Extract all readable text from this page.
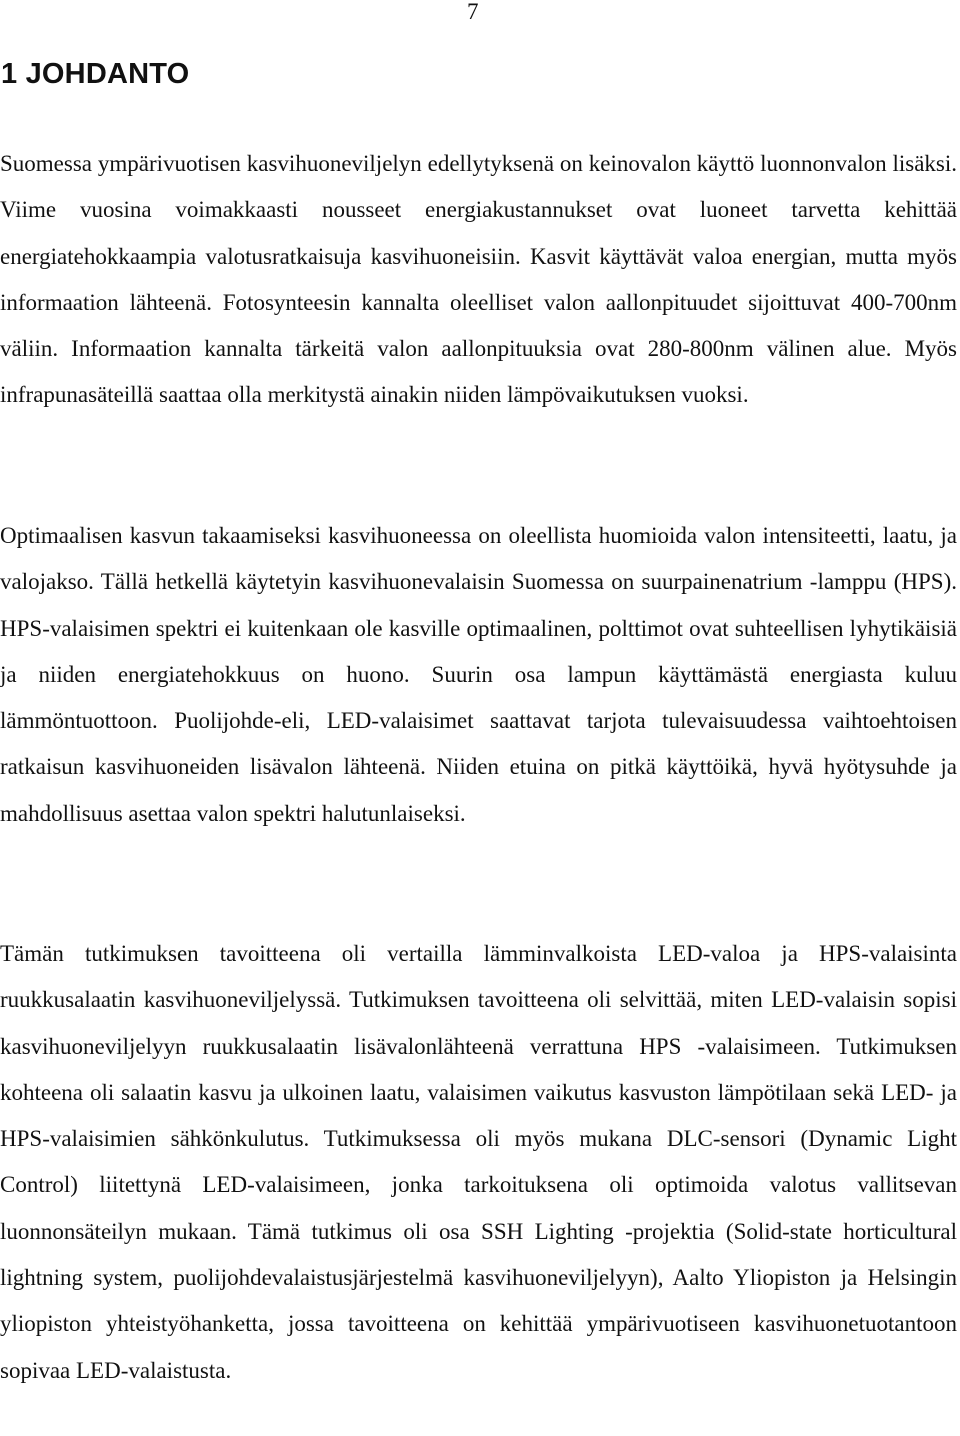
7
1 JOHDANTO

Suomessa ympärivuotisen kasvihuoneviljelyn edellytyksenä on keinovalon käyttö luonnonvalon lisäksi. Viime vuosina voimakkaasti nousseet energiakustannukset ovat luoneet tarvetta kehittää energiatehokkaampia valotusratkaisuja kasvihuoneisiin. Kasvit käyttävät valoa energian, mutta myös informaation lähteenä. Fotosynteesin kannalta oleelliset valon aallonpituudet sijoittuvat 400-700nm väliin. Informaation kannalta tärkeitä valon aallonpituuksia ovat 280-800nm välinen alue. Myös infrapunasäteillä saattaa olla merkitystä ainakin niiden lämpövaikutuksen vuoksi.

Optimaalisen kasvun takaamiseksi kasvihuoneessa on oleellista huomioida valon intensiteetti, laatu, ja valojakso. Tällä hetkellä käytetyin kasvihuonevalaisin Suomessa on suurpainenatrium -lamppu (HPS). HPS-valaisimen spektri ei kuitenkaan ole kasville optimaalinen, polttimot ovat suhteellisen lyhytikäisiä ja niiden energiatehokkuus on huono. Suurin osa lampun käyttämästä energiasta kuluu lämmöntuottoon. Puolijohde-eli, LED-valaisimet saattavat tarjota tulevaisuudessa vaihtoehtoisen ratkaisun kasvihuoneiden lisävalon lähteenä. Niiden etuina on pitkä käyttöikä, hyvä hyötysuhde ja mahdollisuus asettaa valon spektri halutunlaiseksi.

Tämän tutkimuksen tavoitteena oli vertailla lämminvalkoista LED-valoa ja HPS-valaisinta ruukkusalaatin kasvihuoneviljelyssä. Tutkimuksen tavoitteena oli selvittää, miten LED-valaisin sopisi kasvihuoneviljelyyn ruukkusalaatin lisävalonlähteenä verrattuna HPS -valaisimeen. Tutkimuksen kohteena oli salaatin kasvu ja ulkoinen laatu, valaisimen vaikutus kasvuston lämpötilaan sekä LED- ja HPS-valaisimien sähkönkulutus. Tutkimuksessa oli myös mukana DLC-sensori (Dynamic Light Control) liitettynä LED-valaisimeen, jonka tarkoituksena oli optimoida valotus vallitsevan luonnonsäteilyn mukaan. Tämä tutkimus oli osa SSH Lighting -projektia (Solid-state horticultural lightning system, puolijohdevalaistusjärjestelmä kasvihuoneviljelyyn), Aalto Yliopiston ja Helsingin yliopiston yhteistyöhanketta, jossa tavoitteena on kehittää ympärivuotiseen kasvihuonetuotantoon sopivaa LED-valaistusta.
